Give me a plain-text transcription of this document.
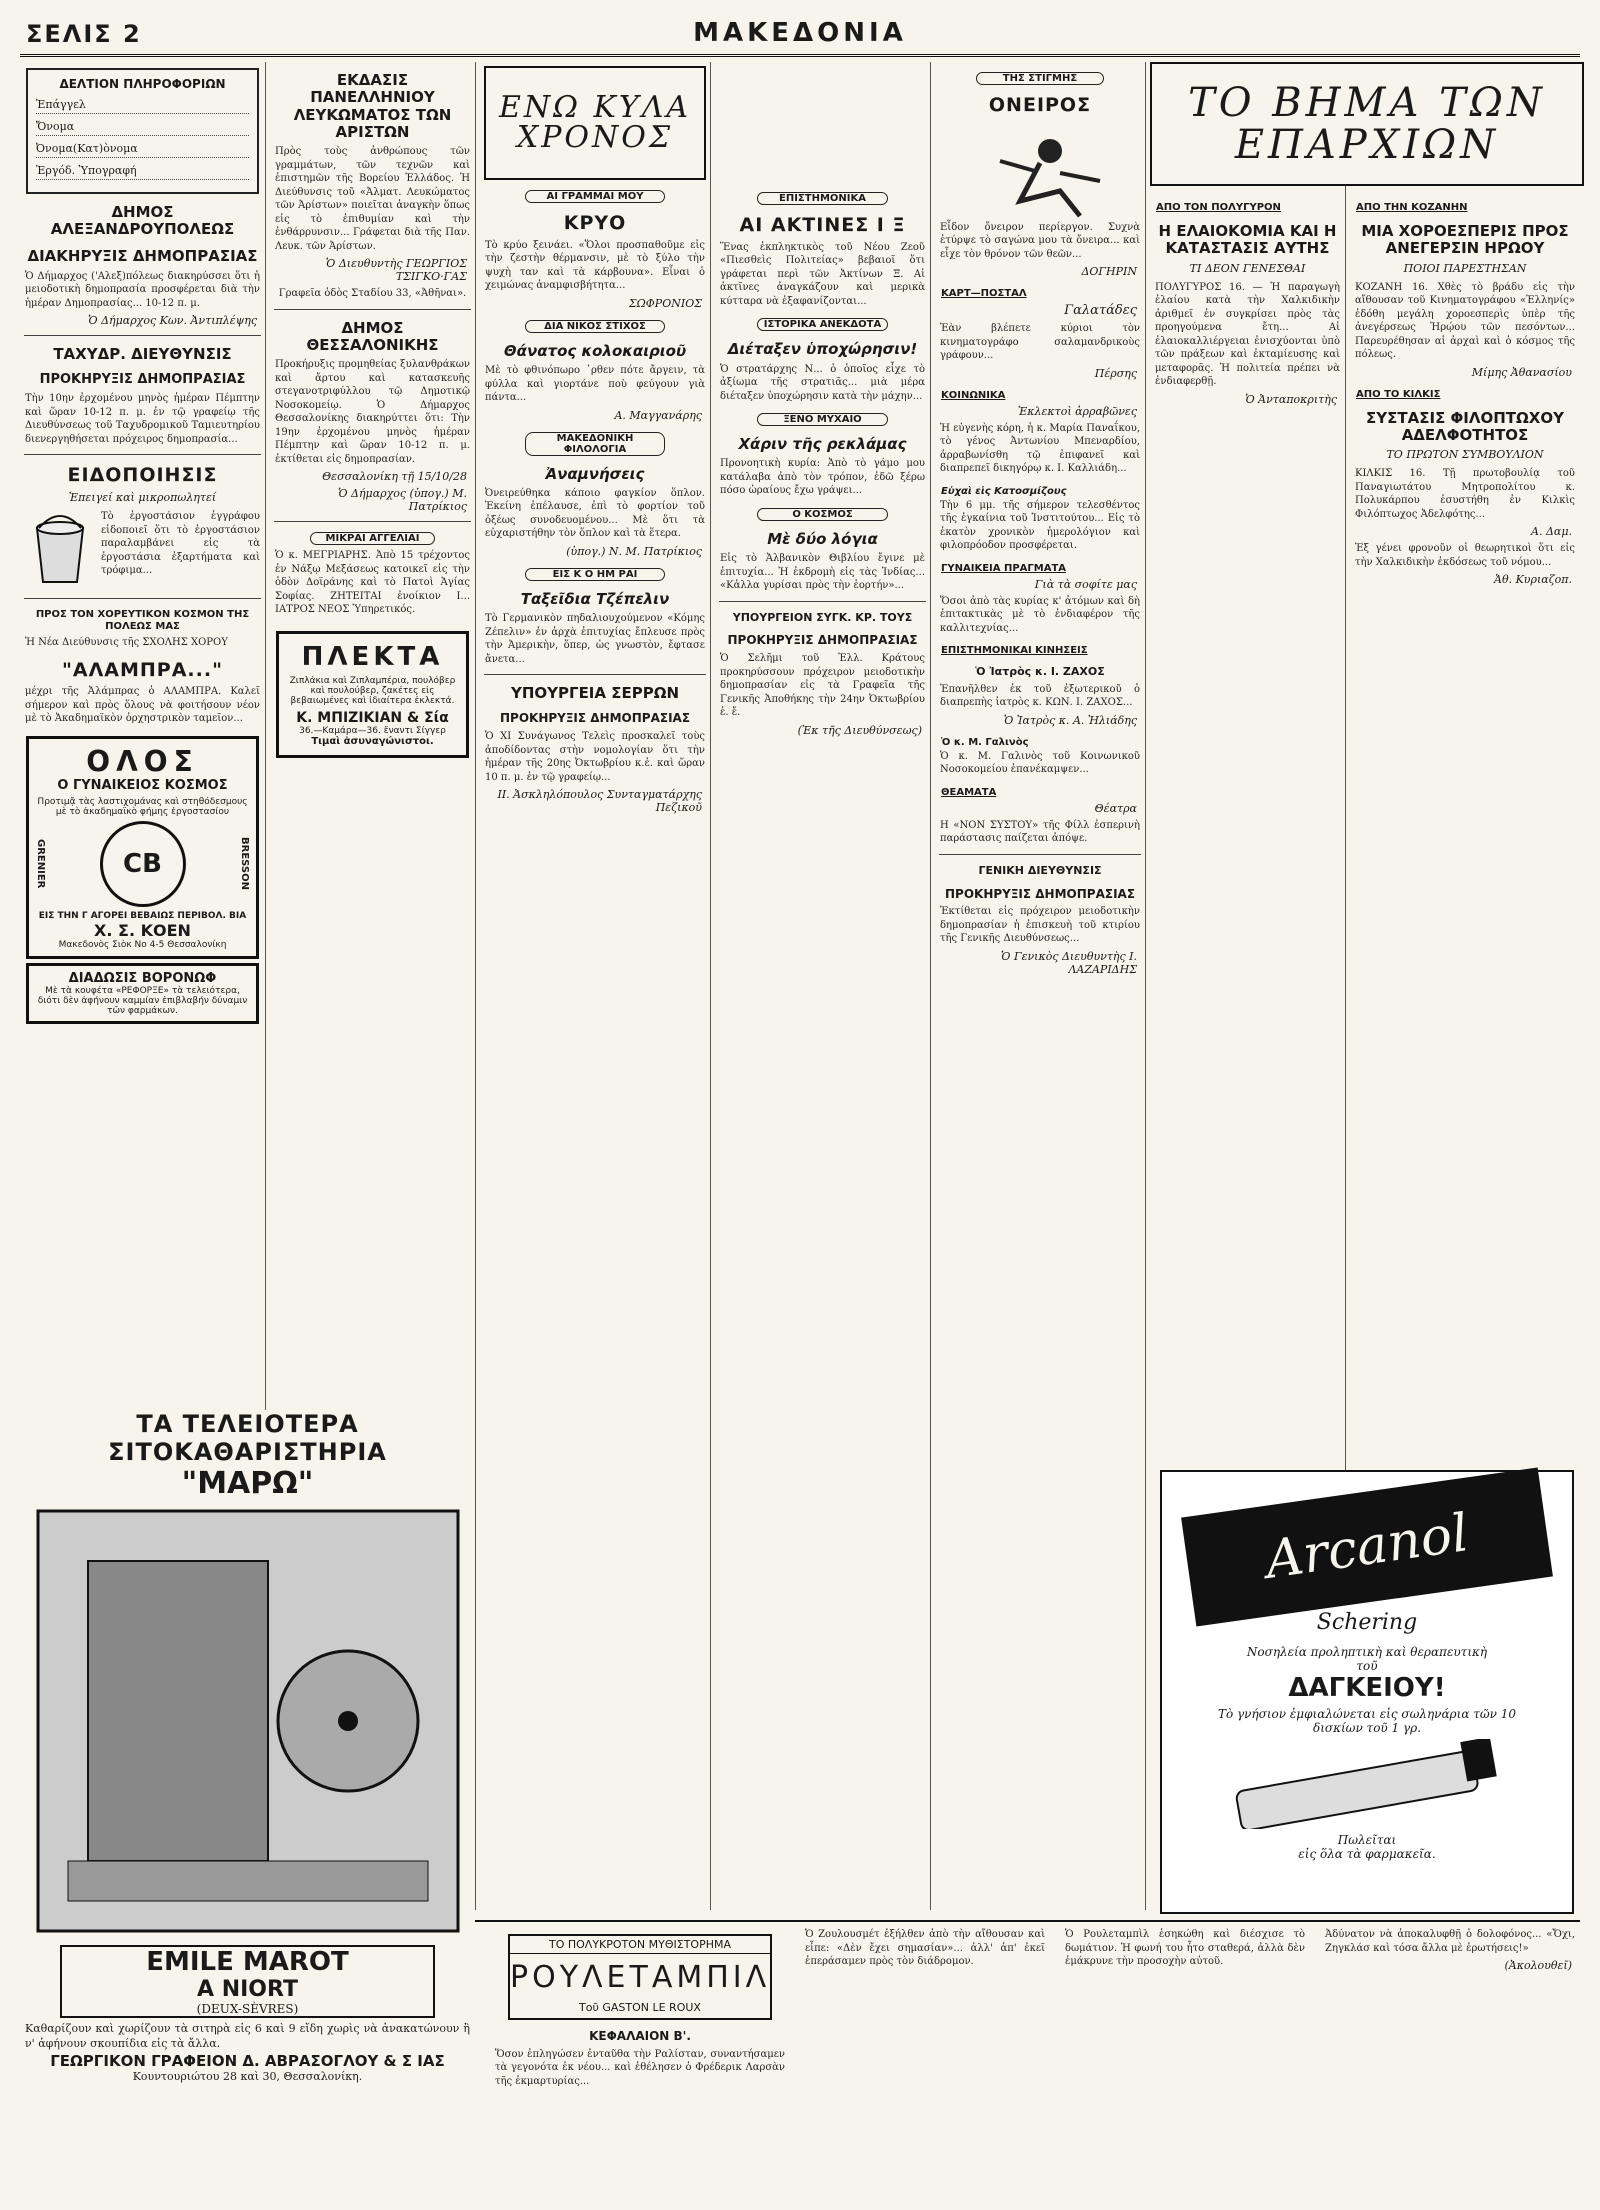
ΣΕΛΙΣ 2	ΜΑΚΕΔΟΝΙΑ
ΔΕΛΤΙΟΝ ΠΛΗΡΟΦΟΡΙΩΝ
Ἐπάγγελ
Ὄνομα
Ὀνομα(Κατ)ὸνομα
Ἐργόδ. Ὑπογραφή
ΔΗΜΟΣ ΑΛΕΞΑΝΔΡΟΥΠΟΛΕΩΣ
ΔΙΑΚΗΡΥΞΙΣ ΔΗΜΟΠΡΑΣΙΑΣ

Ὁ Δήμαρχος ('Αλεξ)πόλεως διακηρύσσει ὅτι ἡ μειοδοτικὴ δημοπρασία προσφέρεται διὰ τὴν ἡμέραν Δημοπρασίας... 10-12 π. μ.

Ὁ Δήμαρχος Κων. Ἀντιπλέψης
ΤΑΧΥΔΡ. ΔΙΕΥΘΥΝΣΙΣ
ΠΡΟΚΗΡΥΞΙΣ ΔΗΜΟΠΡΑΣΙΑΣ

Τὴν 10ην ἐρχομένου μηνὸς ἡμέραν Πέμπτην καὶ ὥραν 10-12 π. μ. ἐν τῷ γραφείῳ τῆς Διευθύνσεως τοῦ Ταχυδρομικοῦ Ταμιευτηρίου διενεργηθήσεται πρόχειρος δημοπρασία...

ΕΙΔΟΠΟΙΗΣΙΣ
Ἐπειγεί καὶ μικροπωλητεί

Τὸ ἐργοστάσιον ἐγγράφου εἰδοποιεῖ ὅτι τὸ ἐργοστάσιον παραλαμβάνει εἰς τὰ ἐργοστάσια ἐξαρτήματα καὶ τρόφιμα...

ΠΡΟΣ ΤΟΝ ΧΟΡΕΥΤΙΚΟΝ ΚΟΣΜΟΝ ΤΗΣ ΠΟΛΕΩΣ ΜΑΣ

Ἡ Νέα Διεύθυνσις τῆς ΣΧΟΛΗΣ ΧΟΡΟΥ

"ΑΛΑΜΠΡΑ..."

μέχρι τῆς Ἀλάμπρας ὁ ΑΛΑΜΠΡΑ. Καλεῖ σήμερον καὶ πρὸς ὅλους νὰ φοιτήσουν νέον μὲ τὸ Ἀκαδημαϊκὸν ὀρχηστρικὸν ταμεῖον...

ΟΛΟΣ
Ο ΓΥΝΑΙΚΕΙΟΣ ΚΟΣΜΟΣ
Προτιμᾷ τὰς λαστιχομάνας καὶ στηθόδεσμους μὲ τὸ ἀκαδημαϊκὸ φήμης ἐργοστασίου
GRENIER	CB	BRESSON
ΕΙΣ ΤΗΝ Γ ΑΓΟΡΕΙ ΒΕΒΑΙΩΣ ΠΕΡΙΒΟΛ. ΒΙΑ
Χ. Σ. ΚΟΕΝ
Μακεδονὸς Σιὸκ Νο 4-5 Θεσσαλονίκη
ΔΙΑΔΩΣΙΣ ΒΟΡΟΝΩΦ
Μὲ τὰ κουφέτα «ΡΕΦΟΡΞΕ» τὰ τελειότερα, διότι δὲν ἀφήνουν καμμίαν ἐπιβλαβήν δύναμιν τῶν φαρμάκων.
ΕΚΔΑΣΙΣ ΠΑΝΕΛΛΗΝΙΟΥ ΛΕΥΚΩΜΑΤΟΣ ΤΩΝ ΑΡΙΣΤΩΝ

Πρὸς τοὺς ἀνθρώπους τῶν γραμμάτων, τῶν τεχνῶν καὶ ἐπιστημῶν τῆς Βορείου Ἑλλάδος. Ἡ Διεύθυνσις τοῦ «Ἀλματ. Λευκώματος τῶν Ἀρίστων» ποιεῖται ἀναγκὴν ὅπως εἰς τὸ ἐπιθυμίαν καὶ τὴν ἐνθάρρυνσιν... Γράφεται διὰ τῆς Παν. Λευκ. τῶν Ἀρίστων.

Ὁ Διευθυντὴς ΓΕΩΡΓΙΟΣ ΤΣΙΓΚΟ·ΓΑΣ

Γραφεῖα ὁδὸς Σταδίου 33, «Ἀθῆναι».

ΔΗΜΟΣ ΘΕΣΣΑΛΟΝΙΚΗΣ

Προκήρυξις προμηθείας ξυλανθράκων καὶ ἄρτου καὶ κατασκευῆς στεγανοτριφύλλου τῷ Δημοτικῷ Νοσοκομείῳ. Ὁ Δήμαρχος Θεσσαλονίκης διακηρύττει ὅτι: Τὴν 19ην ἐρχομένου μηνὸς ἡμέραν Πέμπτην καὶ ὥραν 10-12 π. μ. ἐκτίθεται εἰς δημοπρασίαν.

Θεσσαλονίκη τῇ 15/10/28
Ὁ Δήμαρχος (ὑπογ.) Μ. Πατρίκιος
ΜΙΚΡΑΙ ΑΓΓΕΛΙΑΙ

Ὁ κ. ΜΕΓΡΙΑΡΗΣ. Ἀπὸ 15 τρέχοντος ἐν Νάξῳ Μεξάσεως κατοικεῖ εἰς τὴν ὁδὸν Δοϊράνης καὶ τὸ Πατοὶ Ἁγίας Σοφίας. ΖΗΤΕΙΤΑΙ ἐνοίκιον Ι... ΙΑΤΡΟΣ ΝΕΟΣ Ὑπηρετικός.

ΠΛΕΚΤΑ
Ζιπλάκια καὶ Ζιπλαμπέρια, πουλόβερ καὶ πουλούβερ, ζακέτες εἰς βεβαιωμένες καὶ ἰδιαίτερα ἐκλεκτά.
Κ. ΜΠΙΖΙΚΙΑΝ & Σία
36.—Καμάρα—36. ἔναντι Σίγγερ
Τιμαὶ ἀσυναγώνιστοι.
ΕΝΩ ΚΥΛΑ ΧΡΟΝΟΣ
ΑΙ ΓΡΑΜΜΑΙ ΜΟΥ
ΚΡΥΟ

Τὸ κρύο ξεινάει. «Ὅλοι προσπαθοῦμε εἰς τὴν ζεστὴν θέρμανσιν, μὲ τὸ ξύλο τὴν ψυχὴ ταν καὶ τὰ κάρβουνα». Εἶναι ὁ χειμώνας ἀναμφισβήτητα...

ΣΩΦΡΟΝΙΟΣ
ΔΙΑ ΝΙΚΟΣ ΣΤΙΧΟΣ
Θάνατος κολοκαιριοῦ

Μὲ τὸ φθινόπωρο ᾽ρθεν πότε ἄργειν, τὰ φύλλα καὶ γιορτάνε ποὺ φεύγουν γιὰ πάντα...

Α. Μαγγανάρης
ΜΑΚΕΔΟΝΙΚΗ ΦΙΛΟΛΟΓΙΑ
Ἀναμνήσεις

Ὀνειρεύθηκα κάποιο φαγκίον ὅπλον. Ἐκείνη ἐπέλαυσε, ἐπὶ τὸ φορτίον τοῦ ὀξέως συνοδευομένου... Μὲ ὅτι τὰ εὐχαριστήθην τὸν ὅπλον καὶ τὰ ἕτερα.

(ὑπογ.) Ν. Μ. Πατρίκιος
ΕΙΣ Κ Ο ΗΜ ΡΑΙ
Ταξεῖδια Τζέπελιν

Τὸ Γερμανικὸν πηδαλιουχούμενον «Κόμης Ζέπελιν» ἐν ἀρχὰ ἐπιτυχίας ἔπλευσε πρὸς τὴν Ἀμερικὴν, ὅπερ, ὡς γνωστὸν, ἔφτασε ἄνετα...

ΥΠΟΥΡΓΕΙΑ ΣΕΡΡΩΝ
ΠΡΟΚΗΡΥΞΙΣ ΔΗΜΟΠΡΑΣΙΑΣ

Ὁ ΧΙ Συνάγωνος Τελεὶς προσκαλεῖ τοὺς ἀποδίδοντας στὴν νομολογίαν ὅτι τὴν ἡμέραν τῆς 20ης Ὀκτωβρίου κ.ἐ. καὶ ὥραν 10 π. μ. ἐν τῷ γραφείῳ...

ΙΙ. Ἀσκληλόπουλος Συνταγματάρχης Πεζικοῦ
ΕΠΙΣΤΗΜΟΝΙΚΑ
ΑΙ ΑΚΤΙΝΕΣ Ι Ξ

Ἕνας ἐκπληκτικὸς τοῦ Νέου Ζεοῦ «Πιεσθεὶς Πολιτείας» βεβαιοῖ ὅτι γράφεται περὶ τῶν Ἀκτίνων Ξ. Αἱ ἀκτῖνες ἀναγκάζουν καὶ μερικὰ κύτταρα νὰ ἐξαφανίζονται...

ΙΣΤΟΡΙΚΑ ΑΝΕΚΔΟΤΑ
Διέταξεν ὑποχώρησιν!

Ὁ στρατάρχης Ν... ὁ ὁποῖος εἶχε τὸ ἀξίωμα τῆς στρατιᾶς... μιὰ μέρα διέταξεν ὑποχώρησιν κατὰ τὴν μάχην...

ΞΕΝΟ ΜΥΧΑΙΟ
Χάριν τῆς ρεκλάμας

Προνοητικὴ κυρία: Ἀπὸ τὸ γάμο μου κατάλαβα ἀπὸ τὸν τρόπον, ἐδῶ ξέρω πόσο ὡραίους ἔχω γράψει...

Ο ΚΟΣΜΟΣ
Μὲ δύο λόγια

Εἰς τὸ Ἀλβανικὸν Θιβλίου ἔγινε μὲ ἐπιτυχία... Ἡ ἐκδρομὴ εἰς τὰς Ἰνδίας... «Κἀλλα γυρίσαι πρὸς τὴν ἑορτήν»...

ΥΠΟΥΡΓΕΙΟΝ ΣΥΓΚ. ΚΡ. ΤΟΥΣ
ΠΡΟΚΗΡΥΞΙΣ ΔΗΜΟΠΡΑΣΙΑΣ

Ὁ Σελῆμι τοῦ Ἐλλ. Κράτους προκηρύσσουν πρόχειρον μειοδοτικὴν δημοπρασίαν εἰς τὰ Γραφεῖα τῆς Γενικῆς Ἀποθήκης τὴν 24ην Ὀκτωβρίου ἐ. ἔ.

(Ἐκ τῆς Διευθύνσεως)
ΤΗΣ ΣΤΙΓΜΗΣ
ΟΝΕΙΡΟΣ

Εἶδον ὄνειρον περίεργον. Συχνὰ ἐτύρψε τὸ σαγώνα μου τὰ ὄνειρα... καὶ εἶχε τὸν θρόνον τῶν θεῶν...

ΔΟΓΗΡΙΝ
ΚΑΡΤ—ΠΟΣΤΑΛ
Γαλατάδες

Ἐὰν βλέπετε κύριοι τὸν κινηματογράφο σαλαμανδρικοὺς γράφουν...

Πέρσης
ΚΟΙΝΩΝΙΚΑ
Ἐκλεκτοὶ ἀρραβῶνες

Ἡ εὐγενὴς κόρη, ἡ κ. Μαρία Παναΐκου, τὸ γένος Ἀντωνίου Μπεναρδίου, ἀρραβωνίσθη τῷ ἐπιφανεῖ καὶ διαπρεπεῖ δικηγόρῳ κ. Ι. Καλλιάδη...

Εὐχαὶ εἰς Κατοσμίζους

Τὴν 6 μμ. τῆς σήμερον τελεσθέντος τῆς ἐγκαίνια τοῦ Ἰνστιτούτου... Εἰς τὸ ἑκατὸν χρονικὸν ἡμερολόγιον καὶ φιλοπρόοδον προσφέρεται.

ΓΥΝΑΙΚΕΙΑ ΠΡΑΓΜΑΤΑ
Γιὰ τὰ σοφίτε μας

Ὅσοι ἀπὸ τὰς κυρίας κ' ἀτόμων καὶ δὴ ἐπιτακτικὰς μὲ τὸ ἐνδιαφέρον τῆς καλλιτεχνίας...

ΕΠΙΣΤΗΜΟΝΙΚΑΙ ΚΙΝΗΣΕΙΣ
Ὁ Ἰατρὸς κ. Ι. ΖΑΧΟΣ

Ἐπανῆλθεν ἐκ τοῦ ἐξωτερικοῦ ὁ διαπρεπὴς ἰατρὸς κ. ΚΩΝ. Ι. ΖΑΧΟΣ...

Ὁ Ἰατρὸς κ. Α. Ἠλιάδης
Ὁ κ. Μ. Γαλινὸς

Ὁ κ. Μ. Γαλινὸς τοῦ Κοινωνικοῦ Νοσοκομείου ἐπανέκαμψεν...

ΘΕΑΜΑΤΑ
Θέατρα

Η «ΝΟΝ ΣΥΣΤΟΥ» τῆς Φίλλ ἐσπερινὴ παράστασις παίζεται ἀπόψε.

ΓΕΝΙΚΗ ΔΙΕΥΘΥΝΣΙΣ
ΠΡΟΚΗΡΥΞΙΣ ΔΗΜΟΠΡΑΣΙΑΣ

Ἐκτίθεται εἰς πρόχειρον μειοδοτικὴν δημοπρασίαν ἡ ἐπισκευὴ τοῦ κτιρίου τῆς Γενικῆς Διευθύνσεως...

Ὁ Γενικὸς Διευθυντὴς Ι. ΛΑΖΑΡΙΔΗΣ
ΤΟ ΒΗΜΑ ΤΩΝ ΕΠΑΡΧΙΩΝ
ΑΠΟ ΤΟΝ ΠΟΛΥΓΥΡΟΝ
Η ΕΛΑΙΟΚΟΜΙΑ ΚΑΙ Η ΚΑΤΑΣΤΑΣΙΣ ΑΥΤΗΣ
ΤΙ ΔΕΟΝ ΓΕΝΕΣΘΑΙ

ΠΟΛΥΓΥΡΟΣ 16. — Ἡ παραγωγὴ ἐλαίου κατὰ τὴν Χαλκιδικὴν ἀριθμεῖ ἐν συγκρίσει πρὸς τὰς προηγούμενα ἔτη... Αἱ ἐλαιοκαλλιέργειαι ἐνισχύονται ὑπὸ τῶν πράξεων καὶ ἐκταμίευσης καὶ μεταφορᾶς. Ἡ πολιτεία πρέπει νὰ ἐνδιαφερθῇ.

Ὁ Ἀνταποκριτὴς
ΑΠΟ ΤΗΝ ΚΟΖΑΝΗΝ
ΜΙΑ ΧΟΡΟΕΣΠΕΡΙΣ ΠΡΟΣ ΑΝΕΓΕΡΣΙΝ ΗΡΩΟΥ
ΠΟΙΟΙ ΠΑΡΕΣΤΗΣΑΝ

ΚΟΖΑΝΗ 16. Χθὲς τὸ βράδυ εἰς τὴν αἴθουσαν τοῦ Κινηματογράφου «Ἐλληνίς» ἐδόθη μεγάλη χοροεσπερὶς ὑπὲρ τῆς ἀνεγέρσεως Ἡρῴου τῶν πεσόντων... Παρευρέθησαν αἱ ἀρχαὶ καὶ ὁ κόσμος τῆς πόλεως.

Μίμης Ἀθανασίου
ΑΠΟ ΤΟ ΚΙΛΚΙΣ
ΣΥΣΤΑΣΙΣ ΦΙΛΟΠΤΩΧΟΥ ΑΔΕΛΦΟΤΗΤΟΣ
ΤΟ ΠΡΩΤΟΝ ΣΥΜΒΟΥΛΙΟΝ

ΚΙΛΚΙΣ 16. Τῇ πρωτοβουλίᾳ τοῦ Παναγιωτάτου Μητροπολίτου κ. Πολυκάρπου ἐσυστήθη ἐν Κιλκὶς Φιλόπτωχος Ἀδελφότης...

Α. Δαμ.

Ἐξ γένει φρονοῦν οἱ θεωρητικοὶ ὅτι εἰς τὴν Χαλκιδικὴν ἐκδόσεως τοῦ νόμου...

Ἀθ. Κυριαζοπ.
Arcanol
Schering
Νοσηλεία προληπτικὴ καὶ θεραπευτικὴ
τοῦ
ΔΑΓΚΕΙΟΥ!
Τὸ γνήσιον ἐμφιαλώνεται εἰς σωληνάρια τῶν 10 δισκίων τοῦ 1 γρ.
Πωλεῖται
εἰς ὅλα τὰ φαρμακεῖα.
ΤΑ ΤΕΛΕΙΟΤΕΡΑ ΣΙΤΟΚΑΘΑΡΙΣΤΗΡΙΑ
"ΜΑΡΩ"
EMILE MAROT
A NIORT
(DEUX-SÈVRES)

Καθαρίζουν καὶ χωρίζουν τὰ σιτηρὰ εἰς 6 καὶ 9 εἴδη χωρὶς νὰ ἀνακατώνουν ἢ ν' ἀφήνουν σκουπίδια εἰς τὰ ἄλλα.

ΓΕΩΡΓΙΚΟΝ ΓΡΑΦΕΙΟΝ Δ. ΑΒΡΑΣΟΓΛΟΥ & Σ ΙΑΣ
Κουντουριώτου 28 καὶ 30, Θεσσαλονίκη.
ΤΟ ΠΟΛΥΚΡΟΤΟΝ ΜΥΘΙΣΤΟΡΗΜΑ
ΡΟΥΛΕΤΑΜΠΙΛ
Τοῦ GASTON LE ROUX
ΚΕΦΑΛΑΙΟΝ Β'.

Ὅσον ἐπληγώσεν ἐνταῦθα τὴν Ραλίσταν, συναντήσαμεν τὰ γεγονότα ἐκ νέου... καὶ ἐθέλησεν ὁ Φρέδερικ Λαρσὰν τῆς ἐκμαρτυρίας...

Ὁ Ζουλουσμέτ ἐξήλθεν ἀπὸ τὴν αἴθουσαν καὶ εἶπε: «Δὲν ἔχει σημασίαν»... ἀλλ' ἀπ' ἐκεῖ ἐπεράσαμεν πρὸς τὸν διάδρομον.

Ὁ Ρουλεταμπὶλ ἐσηκώθη καὶ διέσχισε τὸ δωμάτιον. Ἡ φωνή του ἦτο σταθερά, ἀλλὰ δὲν ἐμάκρυνε τὴν προσοχὴν αὐτοῦ.

Ἀδύνατον νὰ ἀποκαλυφθῇ ὁ δολοφόνος... «Ὄχι, Ζηγκλάσ καὶ τόσα ἄλλα μὲ ἐρωτήσεις!»

(Ἀκολουθεῖ)
